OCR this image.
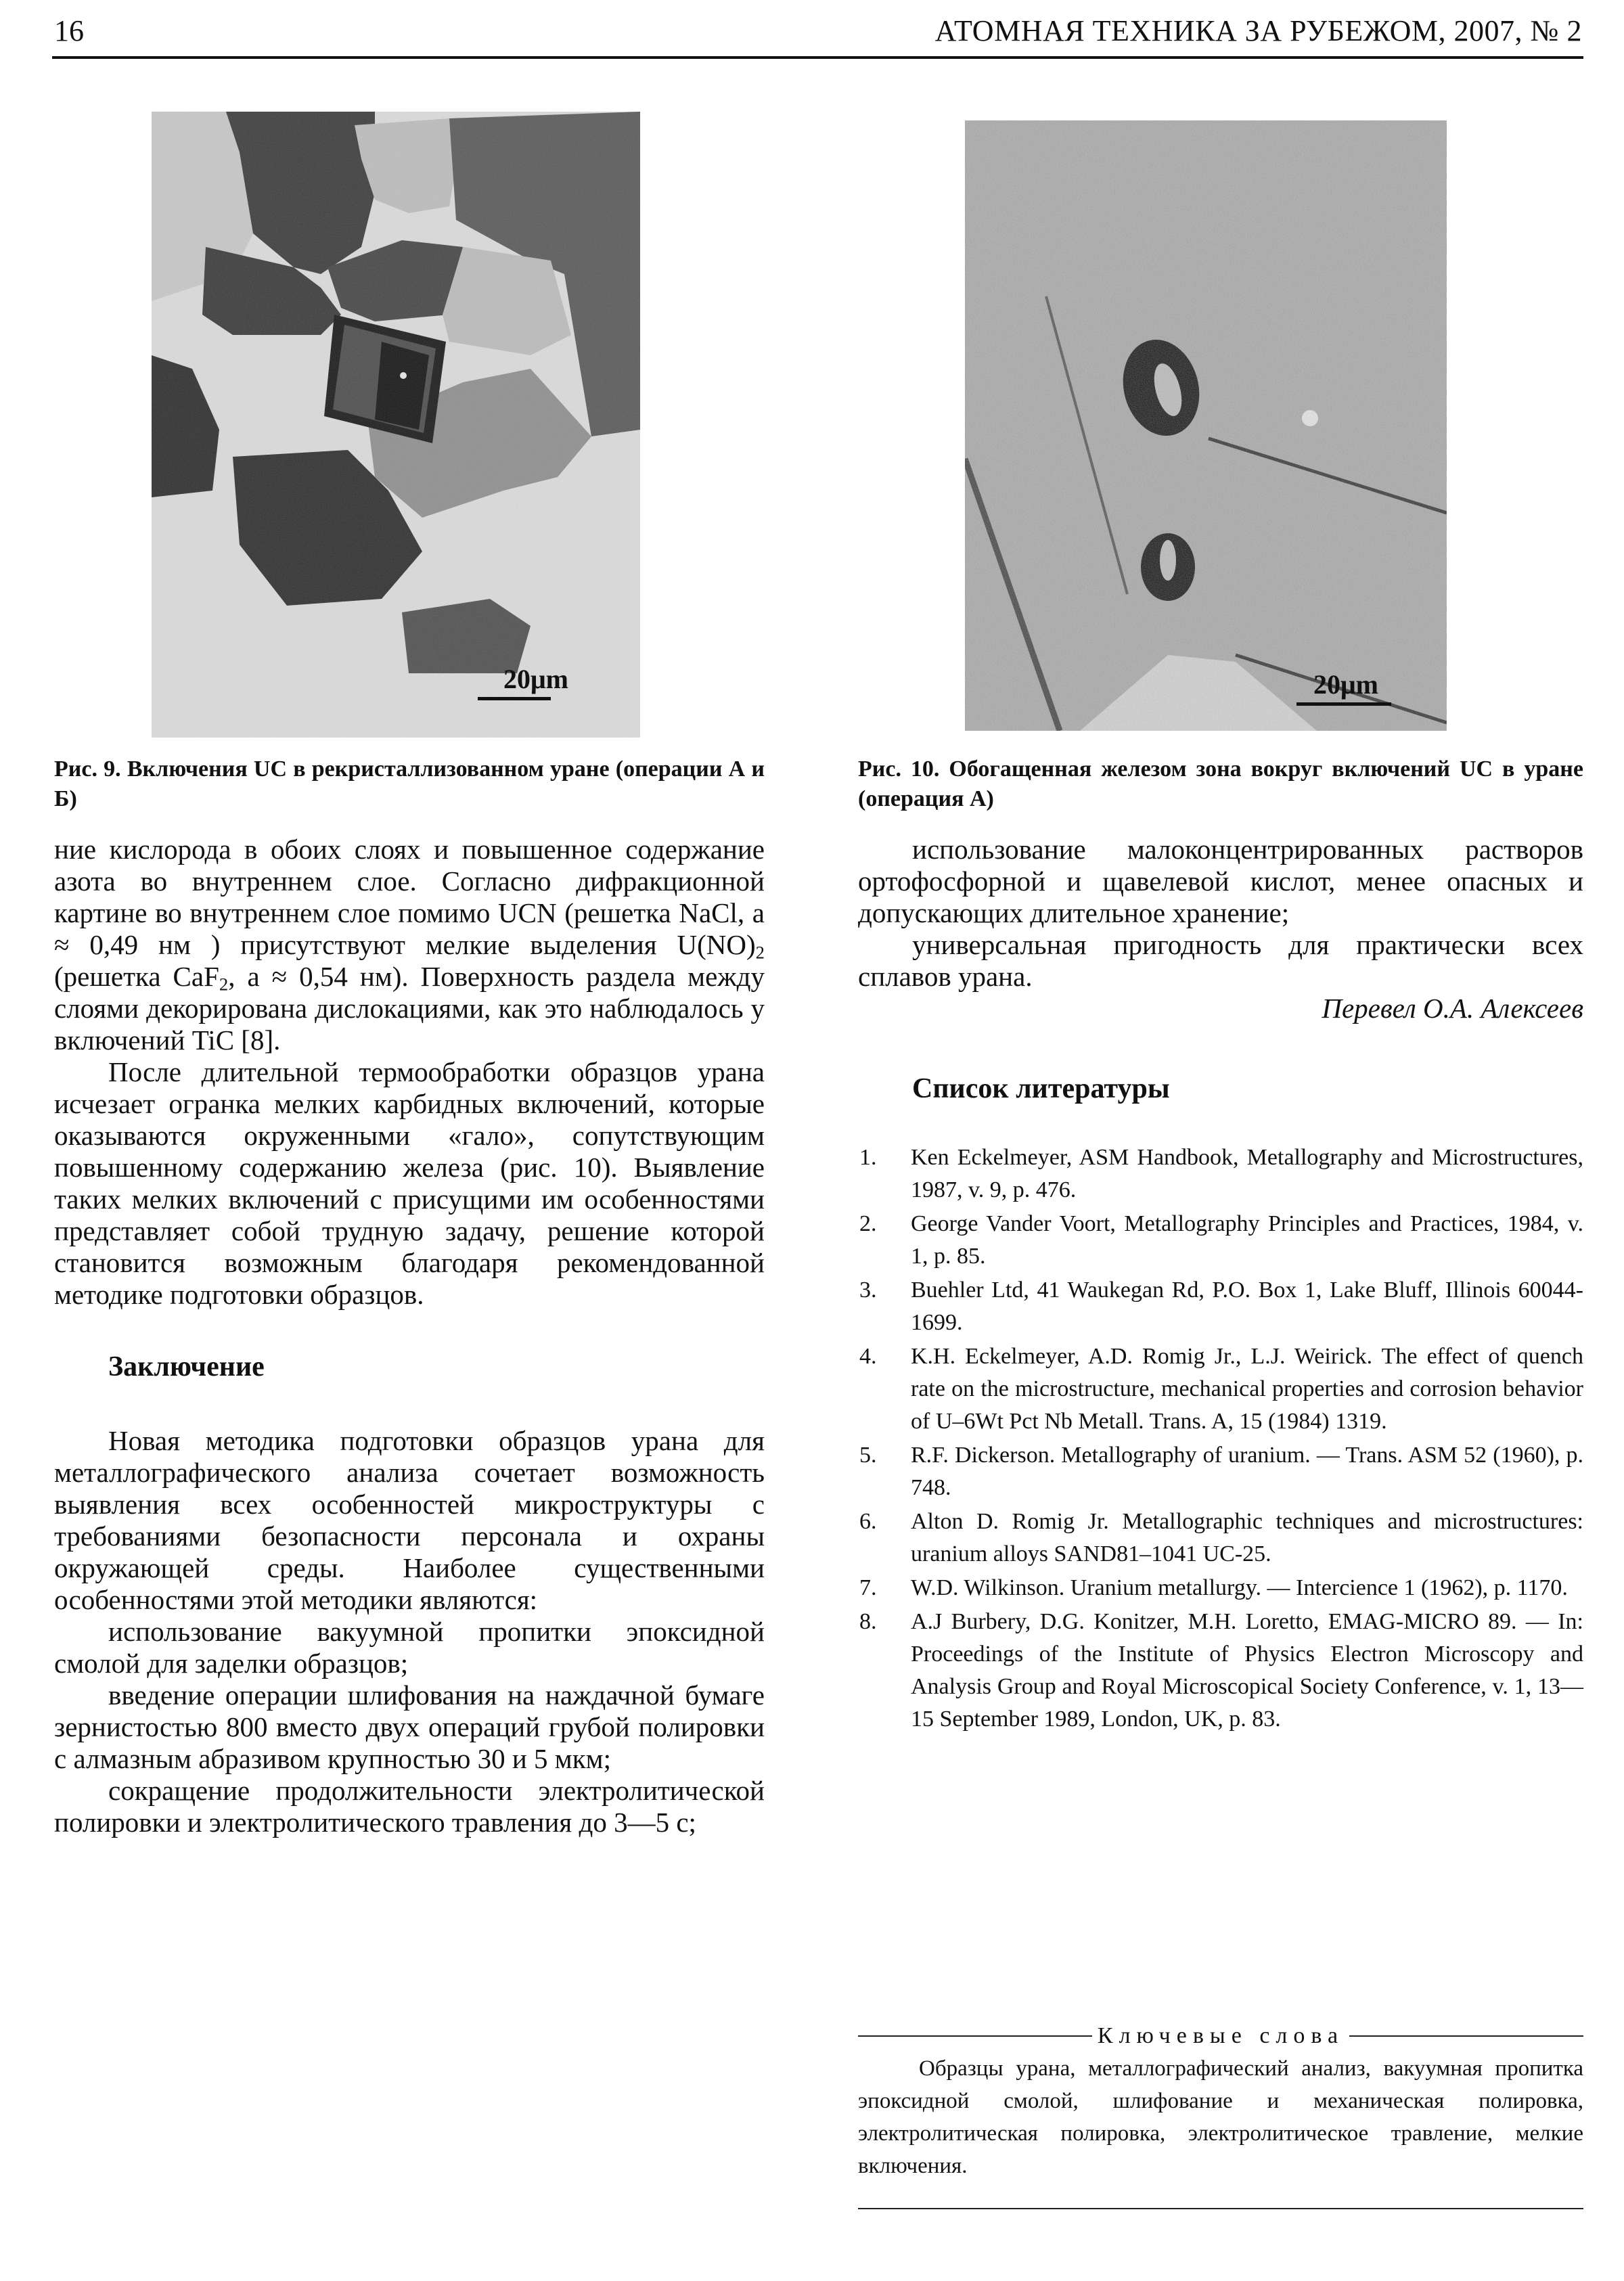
16	АТОМНАЯ ТЕХНИКА ЗА РУБЕЖОМ, 2007, № 2
20μm	20μm
Рис. 9. Включения UC в рекристаллизованном уране (операции А и Б)
Рис. 10. Обогащенная железом зона вокруг включений UC в уране (операция А)

ние кислорода в обоих слоях и повышенное содержание азота во внутреннем слое. Согласно дифракционной картине во внутреннем слое помимо UCN (решетка NaCl, а ≈ 0,49 нм ) присутствуют мелкие выделения $U(NO)_2$ (решетка CaF$_2$, а ≈ 0,54 нм). Поверхность раздела между слоями декорирована дислокациями, как это наблюдалось у включений TiC [8].

После длительной термообработки образцов урана исчезает огранка мелких карбидных включений, которые оказываются окруженными «гало», сопутствующим повышенному содержанию железа (рис. 10). Выявление таких мелких включений с присущими им особенностями представляет собой трудную задачу, решение которой становится возможным благодаря рекомендованной методике подготовки образцов.

Заключение

Новая методика подготовки образцов урана для металлографического анализа сочетает возможность выявления всех особенностей микроструктуры с требованиями безопасности персонала и охраны окружающей среды. Наиболее существенными особенностями этой методики являются:

использование вакуумной пропитки эпоксидной смолой для заделки образцов;

введение операции шлифования на наждачной бумаге зернистостью 800 вместо двух операций грубой полировки с алмазным абразивом крупностью 30 и 5 мкм;

сокращение продолжительности электролитической полировки и электролитического травления до 3—5 с;

использование малоконцентрированных растворов ортофосфорной и щавелевой кислот, менее опасных и допускающих длительное хранение;

универсальная пригодность для практически всех сплавов урана.

Перевел О.А. Алексеев

Список литературы
1. Ken Eckelmeyer, ASM Handbook, Metallography and Microstructures, 1987, v. 9, p. 476.
2. George Vander Voort, Metallography Principles and Practices, 1984, v. 1, p. 85.
3. Buehler Ltd, 41 Waukegan Rd, P.O. Box 1, Lake Bluff, Illinois 60044-1699.
4. K.H. Eckelmeyer, A.D. Romig Jr., L.J. Weirick. The effect of quench rate on the microstructure, mechanical properties and corrosion behavior of U–6Wt Pct Nb Metall. Trans. A, 15 (1984) 1319.
5. R.F. Dickerson. Metallography of uranium. — Trans. ASM 52 (1960), p. 748.
6. Alton D. Romig Jr. Metallographic techniques and microstructures: uranium alloys SAND81–1041 UC-25.
7. W.D. Wilkinson. Uranium metallurgy. — Intercience 1 (1962), p. 1170.
8. A.J Burbery, D.G. Konitzer, M.H. Loretto, EMAG-MICRO 89. — In: Proceedings of the Institute of Physics Electron Microscopy and Analysis Group and Royal Microscopical Society Conference, v. 1, 13—15 September 1989, London, UK, p. 83.
Ключевые слова

Образцы урана, металлографический анализ, вакуумная пропитка эпоксидной смолой, шлифование и механическая полировка, электролитическая полировка, электролитическое травление, мелкие включения.
